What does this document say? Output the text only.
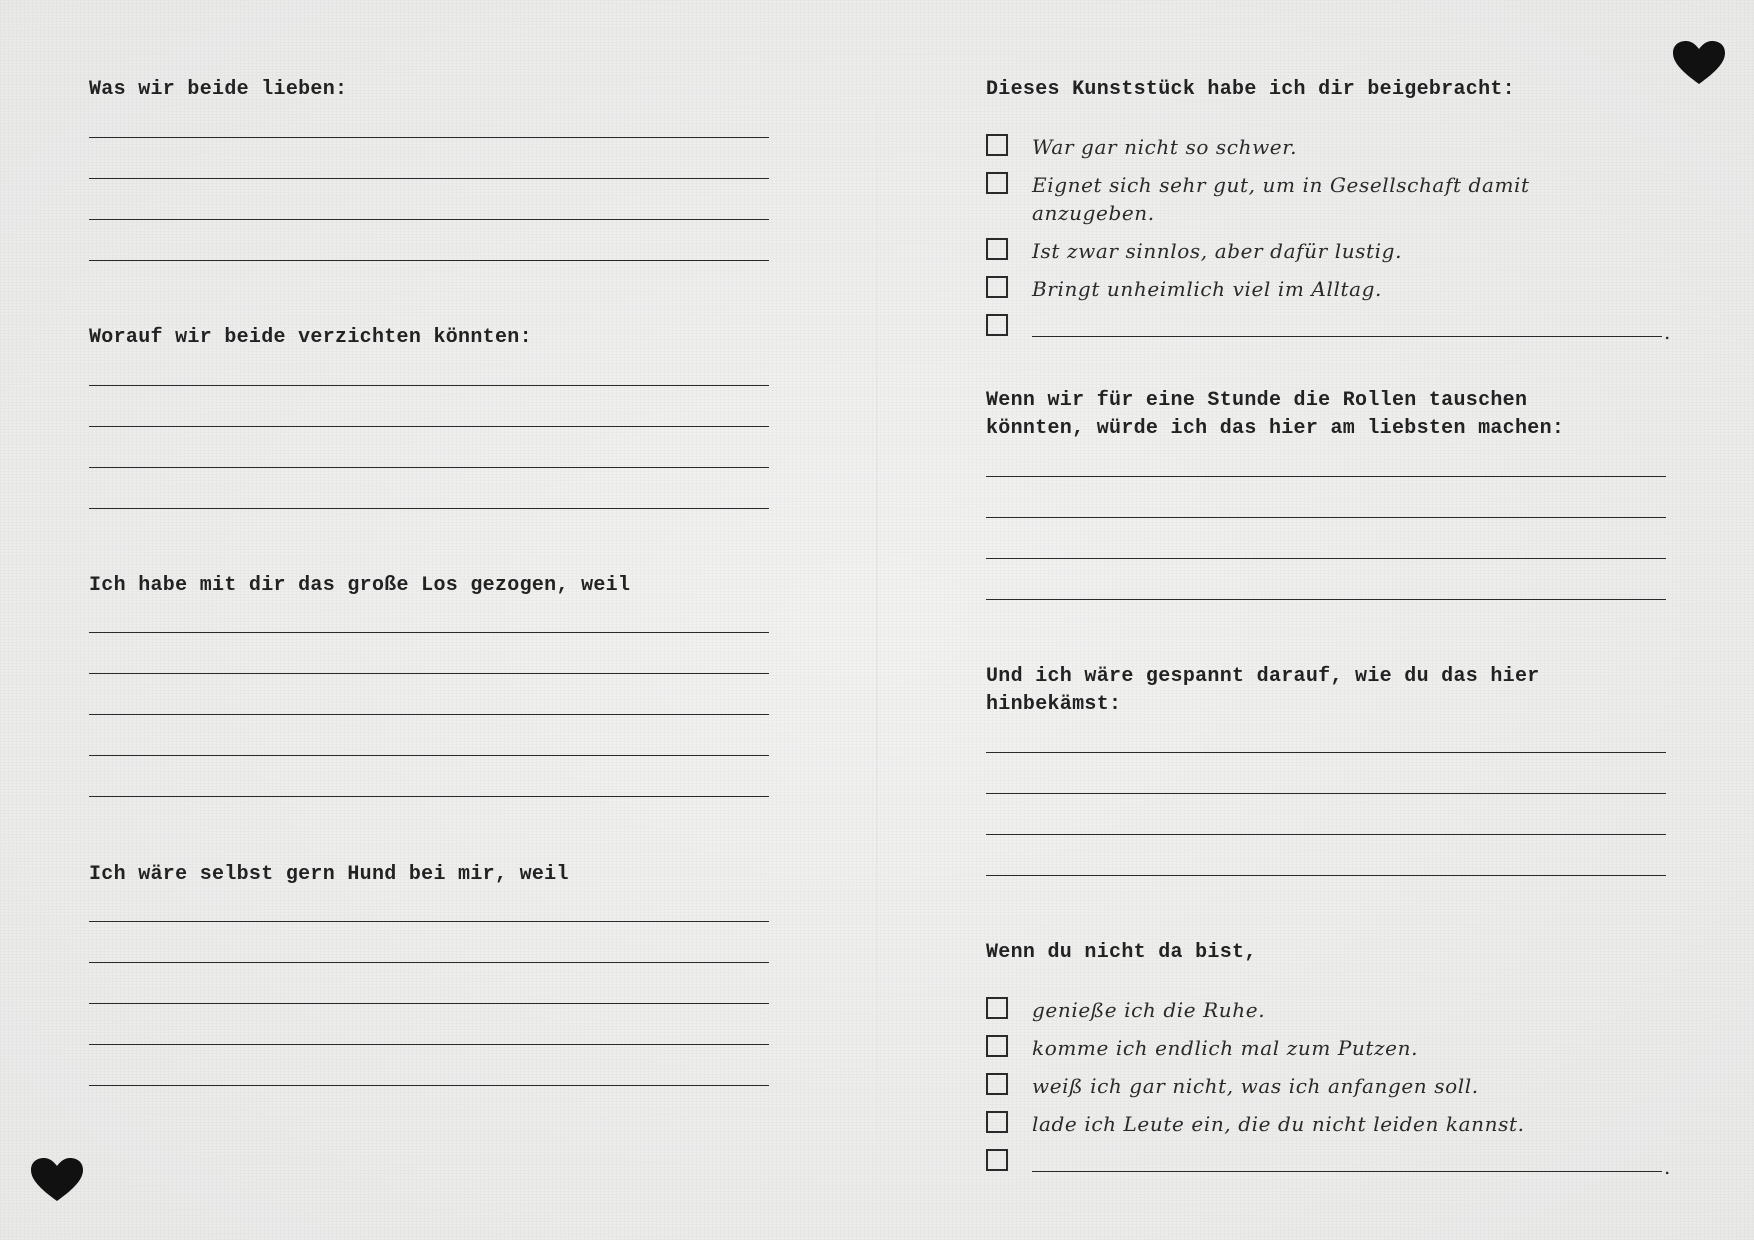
Was wir beide lieben:
Worauf wir beide verzichten könnten:
Ich habe mit dir das große Los gezogen, weil
Ich wäre selbst gern Hund bei mir, weil
Dieses Kunststück habe ich dir beigebracht:
War gar nicht so schwer.
Eignet sich sehr gut, um in Gesellschaft damit anzugeben.
Ist zwar sinnlos, aber dafür lustig.
Bringt unheimlich viel im Alltag.
.
Wenn wir für eine Stunde die Rollen tauschen
könnten, würde ich das hier am liebsten machen:
Und ich wäre gespannt darauf, wie du das hier
hinbekämst:
Wenn du nicht da bist,
genieße ich die Ruhe.
komme ich endlich mal zum Putzen.
weiß ich gar nicht, was ich anfangen soll.
lade ich Leute ein, die du nicht leiden kannst.
.
